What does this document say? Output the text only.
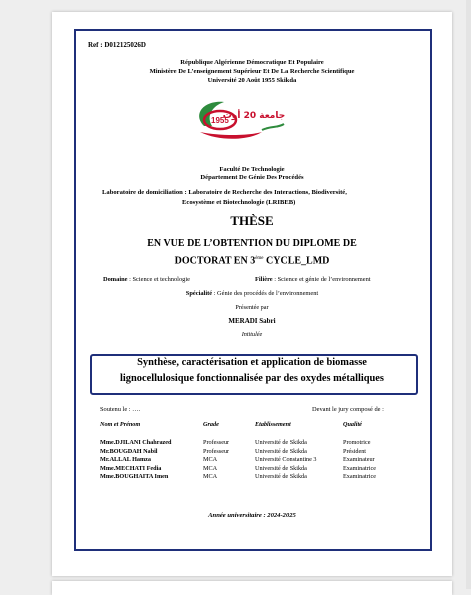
Ref : D012125026D
République Algérienne Démocratique Et Populaire
Ministère De L’enseignement Supérieur Et De La Recherche Scientifique
Université 20 Août 1955 Skikda
1955
جامعة 20 أوت
Faculté De Technologie
Département De Génie Des Procédés
Laboratoire de domiciliation : Laboratoire de Recherche des Interactions, Biodiversité,
Ecosystème et Biotechnologie (LRIBEB)
THÈSE
EN VUE DE L’OBTENTION DU DIPLOME DE
DOCTORAT EN 3ème CYCLE_LMD
Domaine : Science et technologie	Filière : Science et génie de l’environnement
Spécialité : Génie des procédés de l’environnement
Présentée par
MERADI Sabri
Intitulée
Synthèse, caractérisation et application de biomasse
lignocellulosique fonctionnalisée par des oxydes métalliques
Soutenu le : ….	Devant le jury composé de :
Nom et Prénom	Grade	Etablissement	Qualité
Mme.DJILANI Chahrazed	Professeur	Université de Skikda	Promotrice
Mr.BOUGDAH Nabil	Professeur	Université de Skikda	Président
Mr.ALLAL Hamza	MCA	Université Constantine 3	Examinateur
Mme.MECHATI Fedia	MCA	Université de Skikda	Examinatrice
Mme.BOUGHAITA Imen	MCA	Université de Skikda	Examinatrice
Année universitaire : 2024-2025
